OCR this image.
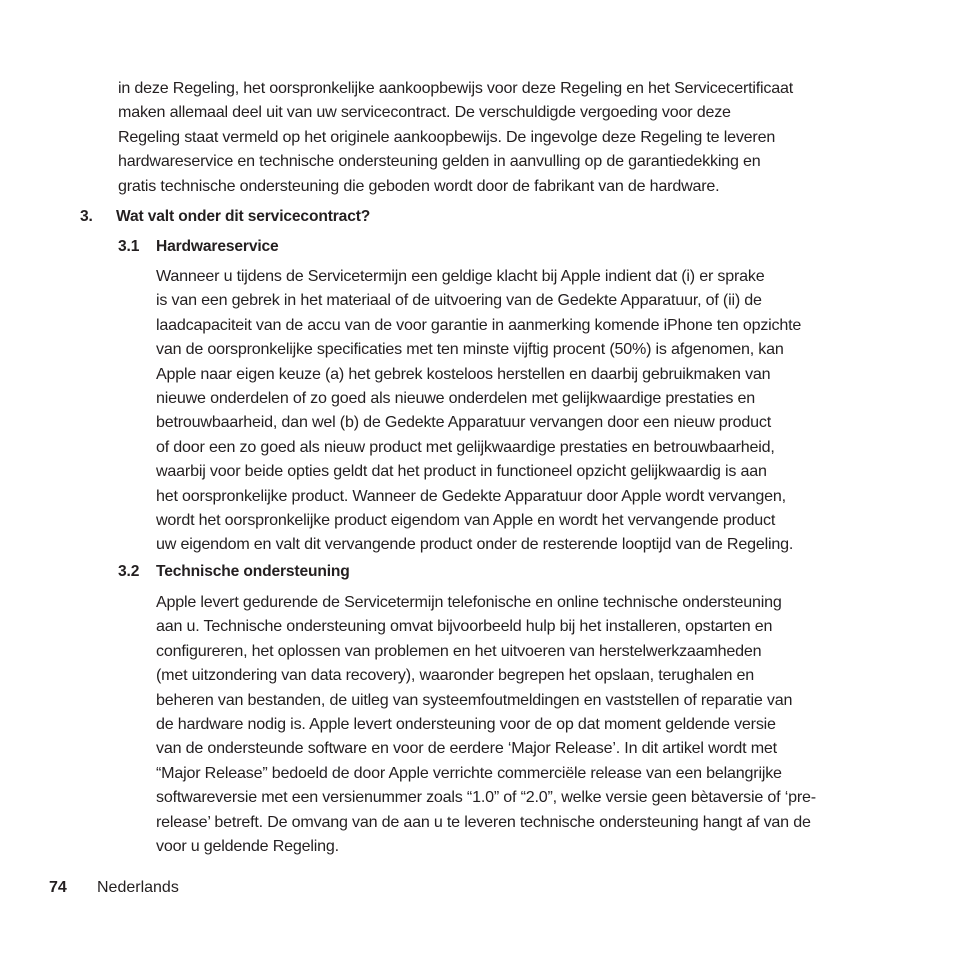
in deze Regeling, het oorspronkelijke aankoopbewijs voor deze Regeling en het Servicecertificaat
maken allemaal deel uit van uw servicecontract. De verschuldigde vergoeding voor deze
Regeling staat vermeld op het originele aankoopbewijs. De ingevolge deze Regeling te leveren
hardwareservice en technische ondersteuning gelden in aanvulling op de garantiedekking en
gratis technische ondersteuning die geboden wordt door de fabrikant van de hardware.
3. Wat valt onder dit servicecontract?
3.1 Hardwareservice
Wanneer u tijdens de Servicetermijn een geldige klacht bij Apple indient dat (i) er sprake
is van een gebrek in het materiaal of de uitvoering van de Gedekte Apparatuur, of (ii) de
laadcapaciteit van de accu van de voor garantie in aanmerking komende iPhone ten opzichte
van de oorspronkelijke specificaties met ten minste vijftig procent (50%) is afgenomen, kan
Apple naar eigen keuze (a) het gebrek kosteloos herstellen en daarbij gebruikmaken van
nieuwe onderdelen of zo goed als nieuwe onderdelen met gelijkwaardige prestaties en
betrouwbaarheid, dan wel (b) de Gedekte Apparatuur vervangen door een nieuw product
of door een zo goed als nieuw product met gelijkwaardige prestaties en betrouwbaarheid,
waarbij voor beide opties geldt dat het product in functioneel opzicht gelijkwaardig is aan
het oorspronkelijke product. Wanneer de Gedekte Apparatuur door Apple wordt vervangen,
wordt het oorspronkelijke product eigendom van Apple en wordt het vervangende product
uw eigendom en valt dit vervangende product onder de resterende looptijd van de Regeling.
3.2 Technische ondersteuning
Apple levert gedurende de Servicetermijn telefonische en online technische ondersteuning
aan u. Technische ondersteuning omvat bijvoorbeeld hulp bij het installeren, opstarten en
configureren, het oplossen van problemen en het uitvoeren van herstelwerkzaamheden
(met uitzondering van data recovery), waaronder begrepen het opslaan, terughalen en
beheren van bestanden, de uitleg van systeemfoutmeldingen en vaststellen of reparatie van
de hardware nodig is. Apple levert ondersteuning voor de op dat moment geldende versie
van de ondersteunde software en voor de eerdere ‘Major Release’. In dit artikel wordt met
“Major Release” bedoeld de door Apple verrichte commerciële release van een belangrijke
softwareversie met een versienummer zoals “1.0” of “2.0”, welke versie geen bètaversie of ‘pre-
release’ betreft. De omvang van de aan u te leveren technische ondersteuning hangt af van de
voor u geldende Regeling.
74 Nederlands
